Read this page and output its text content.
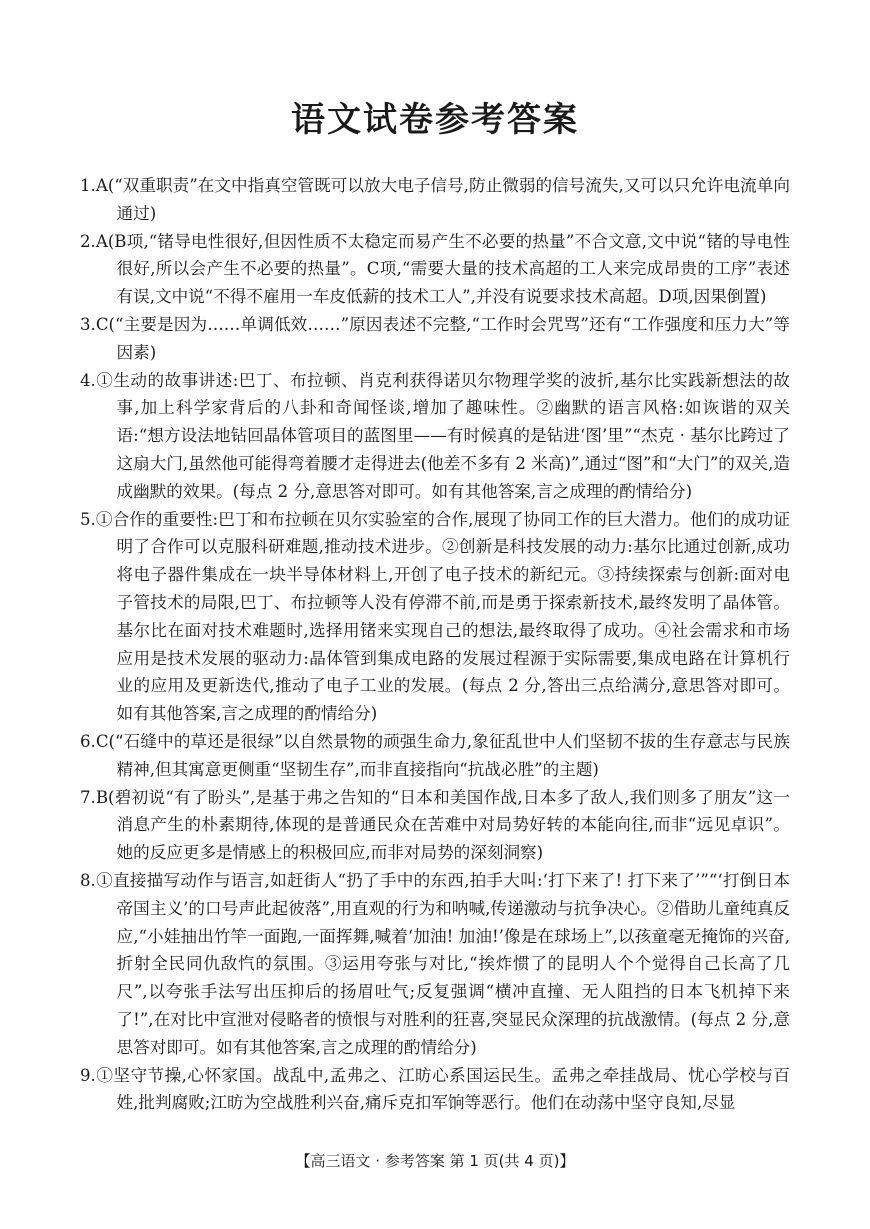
语文试卷参考答案

1.A(“双重职责”在文中指真空管既可以放大电子信号,防止微弱的信号流失,又可以只允许电流单向通过)

2.A(B项,“锗导电性很好,但因性质不太稳定而易产生不必要的热量”不合文意,文中说“锗的导电性很好,所以会产生不必要的热量”。C项,“需要大量的技术高超的工人来完成昂贵的工序”表述有误,文中说“不得不雇用一车皮低薪的技术工人”,并没有说要求技术高超。D项,因果倒置)

3.C(“主要是因为……单调低效……”原因表述不完整,“工作时会咒骂”还有“工作强度和压力大”等因素)

4.①生动的故事讲述:巴丁、布拉顿、肖克利获得诺贝尔物理学奖的波折,基尔比实践新想法的故事,加上科学家背后的八卦和奇闻怪谈,增加了趣味性。②幽默的语言风格:如诙谐的双关语:“想方设法地钻回晶体管项目的蓝图里——有时候真的是钻进‘图’里”“杰克 · 基尔比跨过了这扇大门,虽然他可能得弯着腰才走得进去(他差不多有 2 米高)”,通过“图”和“大门”的双关,造成幽默的效果。(每点 2 分,意思答对即可。如有其他答案,言之成理的酌情给分)

5.①合作的重要性:巴丁和布拉顿在贝尔实验室的合作,展现了协同工作的巨大潜力。他们的成功证明了合作可以克服科研难题,推动技术进步。②创新是科技发展的动力:基尔比通过创新,成功将电子器件集成在一块半导体材料上,开创了电子技术的新纪元。③持续探索与创新:面对电子管技术的局限,巴丁、布拉顿等人没有停滞不前,而是勇于探索新技术,最终发明了晶体管。基尔比在面对技术难题时,选择用锗来实现自己的想法,最终取得了成功。④社会需求和市场应用是技术发展的驱动力:晶体管到集成电路的发展过程源于实际需要,集成电路在计算机行业的应用及更新迭代,推动了电子工业的发展。(每点 2 分,答出三点给满分,意思答对即可。如有其他答案,言之成理的酌情给分)

6.C(“石缝中的草还是很绿”以自然景物的顽强生命力,象征乱世中人们坚韧不拔的生存意志与民族精神,但其寓意更侧重“坚韧生存”,而非直接指向“抗战必胜”的主题)

7.B(碧初说“有了盼头”,是基于弗之告知的“日本和美国作战,日本多了敌人,我们则多了朋友”这一消息产生的朴素期待,体现的是普通民众在苦难中对局势好转的本能向往,而非“远见卓识”。她的反应更多是情感上的积极回应,而非对局势的深刻洞察)

8.①直接描写动作与语言,如赶街人“扔了手中的东西,拍手大叫:‘打下来了! 打下来了’”“‘打倒日本帝国主义’的口号声此起彼落”,用直观的行为和呐喊,传递激动与抗争决心。②借助儿童纯真反应,“小娃抽出竹竿一面跑,一面挥舞,喊着‘加油! 加油!’像是在球场上”,以孩童毫无掩饰的兴奋,折射全民同仇敌忾的氛围。③运用夸张与对比,“挨炸惯了的昆明人个个觉得自己长高了几尺”,以夸张手法写出压抑后的扬眉吐气;反复强调“横冲直撞、无人阻挡的日本飞机掉下来了!”,在对比中宣泄对侵略者的愤恨与对胜利的狂喜,突显民众深理的抗战激情。(每点 2 分,意思答对即可。如有其他答案,言之成理的酌情给分)

9.①坚守节操,心怀家国。战乱中,孟弗之、江昉心系国运民生。孟弗之牵挂战局、忧心学校与百姓,批判腐败;江昉为空战胜利兴奋,痛斥克扣军饷等恶行。他们在动荡中坚守良知,尽显

【高三语文 · 参考答案 第 1 页(共 4 页)】
